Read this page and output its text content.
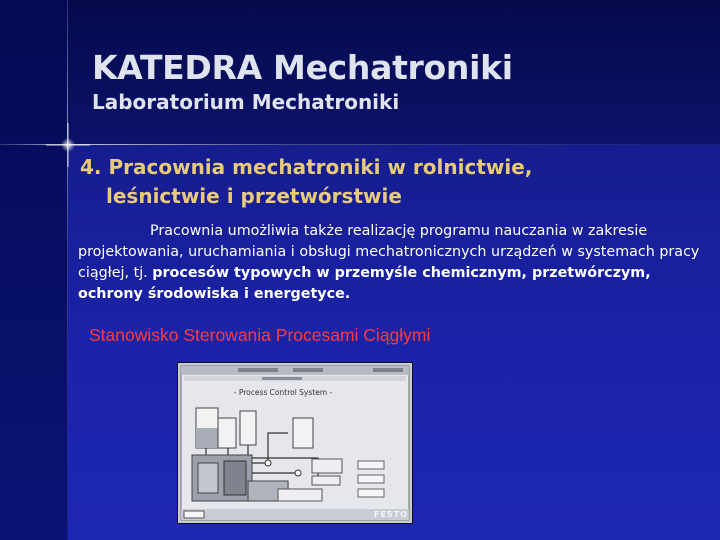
KATEDRA Mechatroniki
Laboratorium Mechatroniki
4. Pracownia mechatroniki w rolnictwie,
leśnictwie i przetwórstwie

Pracownia umożliwia także realizację programu nauczania w zakresie projektowania, uruchamiania i obsługi mechatronicznych urządzeń w systemach pracy ciągłej, tj. procesów typowych w przemyśle chemicznym, przetwórczym, ochrony środowiska i energetyce.

Stanowisko Sterowania Procesami Ciągłymi

- Process Control System -
FESTO
